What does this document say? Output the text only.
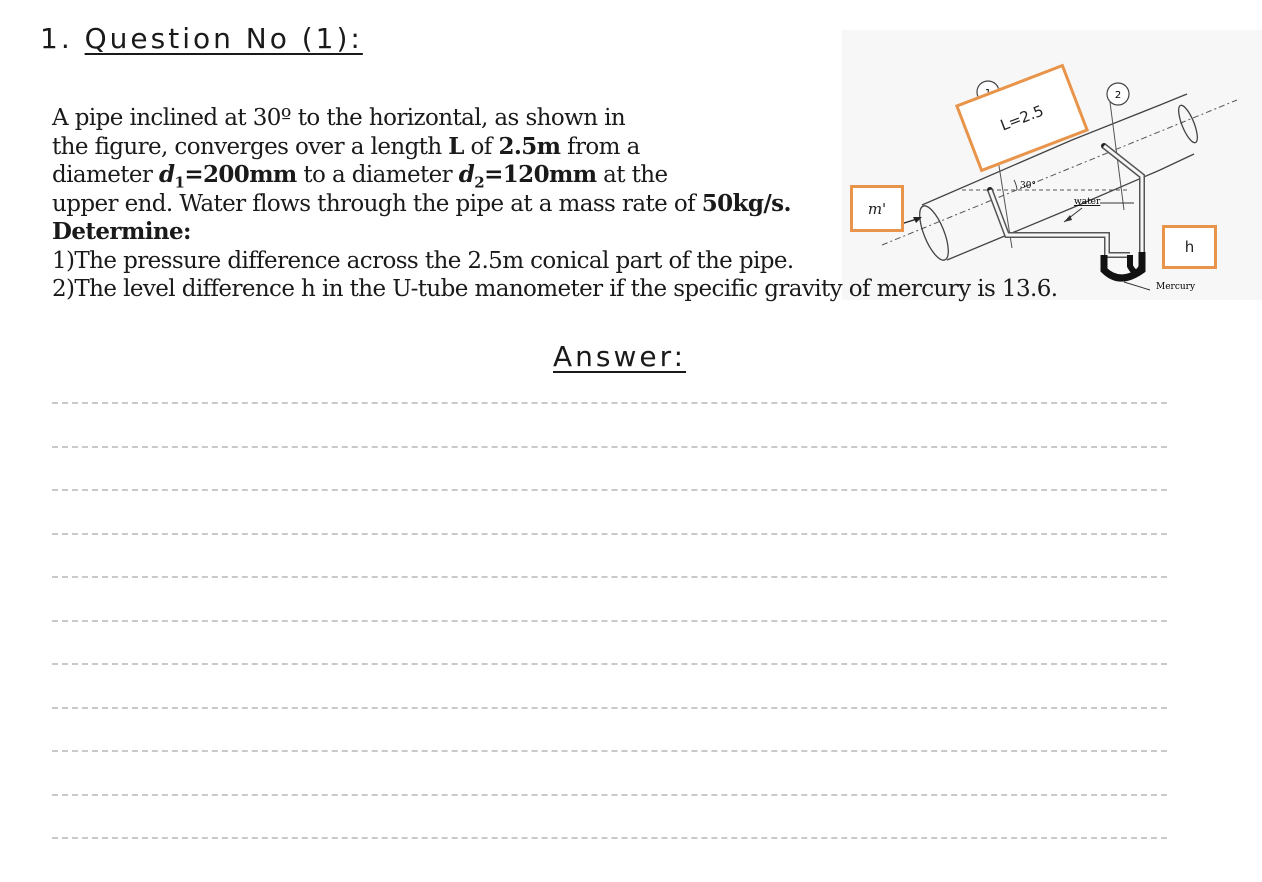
1. Question No (1):
2
30°
water
Mercury
L=2.5
m'
h
A pipe inclined at 30º to the horizontal, as shown in
the figure, converges over a length L of 2.5m from a
diameter $d_1=200mm$ to a diameter $d_2=120mm$ at the
upper end. Water flows through the pipe at a mass rate of 50kg/s.
Determine:
1)The pressure difference across the 2.5m conical part of the pipe.
2)The level difference h in the U-tube manometer if the specific gravity of mercury is 13.6.
Answer:
